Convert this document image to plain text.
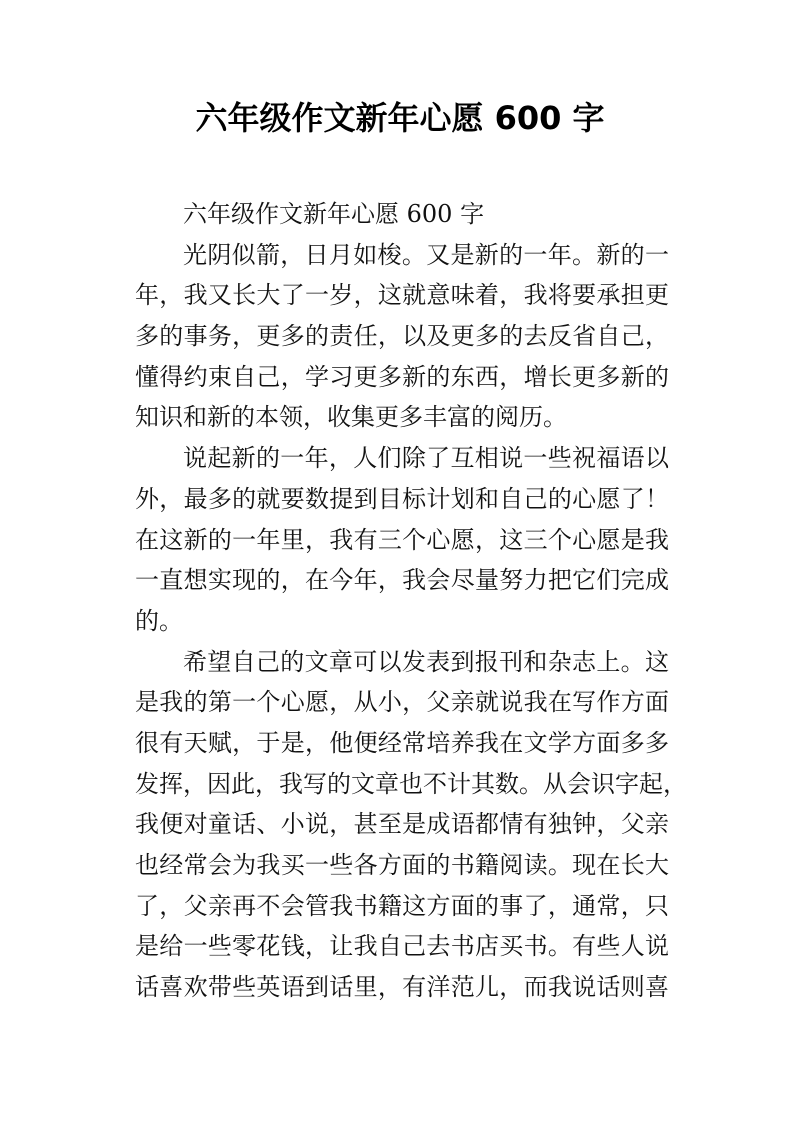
六年级作文新年心愿 600 字
六年级作文新年心愿 600 字
光阴似箭，日月如梭。又是新的一年。新的一
年，我又长大了一岁，这就意味着，我将要承担更
多的事务，更多的责任，以及更多的去反省自己，
懂得约束自己，学习更多新的东西，增长更多新的
知识和新的本领，收集更多丰富的阅历。
说起新的一年，人们除了互相说一些祝福语以
外，最多的就要数提到目标计划和自己的心愿了！
在这新的一年里，我有三个心愿，这三个心愿是我
一直想实现的，在今年，我会尽量努力把它们完成
的。
希望自己的文章可以发表到报刊和杂志上。这
是我的第一个心愿，从小，父亲就说我在写作方面
很有天赋，于是，他便经常培养我在文学方面多多
发挥，因此，我写的文章也不计其数。从会识字起，
我便对童话、小说，甚至是成语都情有独钟，父亲
也经常会为我买一些各方面的书籍阅读。现在长大
了，父亲再不会管我书籍这方面的事了，通常，只
是给一些零花钱，让我自己去书店买书。有些人说
话喜欢带些英语到话里，有洋范儿，而我说话则喜
